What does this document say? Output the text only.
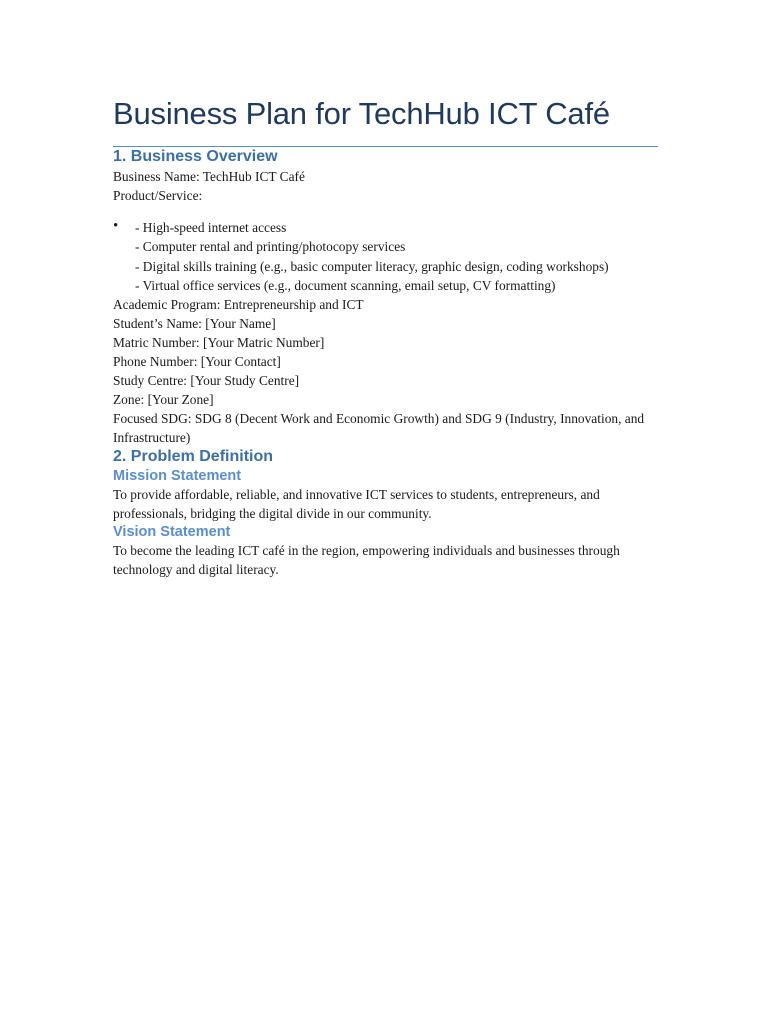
Business Plan for TechHub ICT Café
1. Business Overview

Business Name: TechHub ICT Café

Product/Service:

• - High-speed internet access
- Computer rental and printing/photocopy services
- Digital skills training (e.g., basic computer literacy, graphic design, coding workshops)
- Virtual office services (e.g., document scanning, email setup, CV formatting)

Academic Program: Entrepreneurship and ICT

Student’s Name: [Your Name]

Matric Number: [Your Matric Number]

Phone Number: [Your Contact]

Study Centre: [Your Study Centre]

Zone: [Your Zone]

Focused SDG: SDG 8 (Decent Work and Economic Growth) and SDG 9 (Industry, Innovation, and Infrastructure)

2. Problem Definition
Mission Statement

To provide affordable, reliable, and innovative ICT services to students, entrepreneurs, and professionals, bridging the digital divide in our community.

Vision Statement

To become the leading ICT café in the region, empowering individuals and businesses through technology and digital literacy.
